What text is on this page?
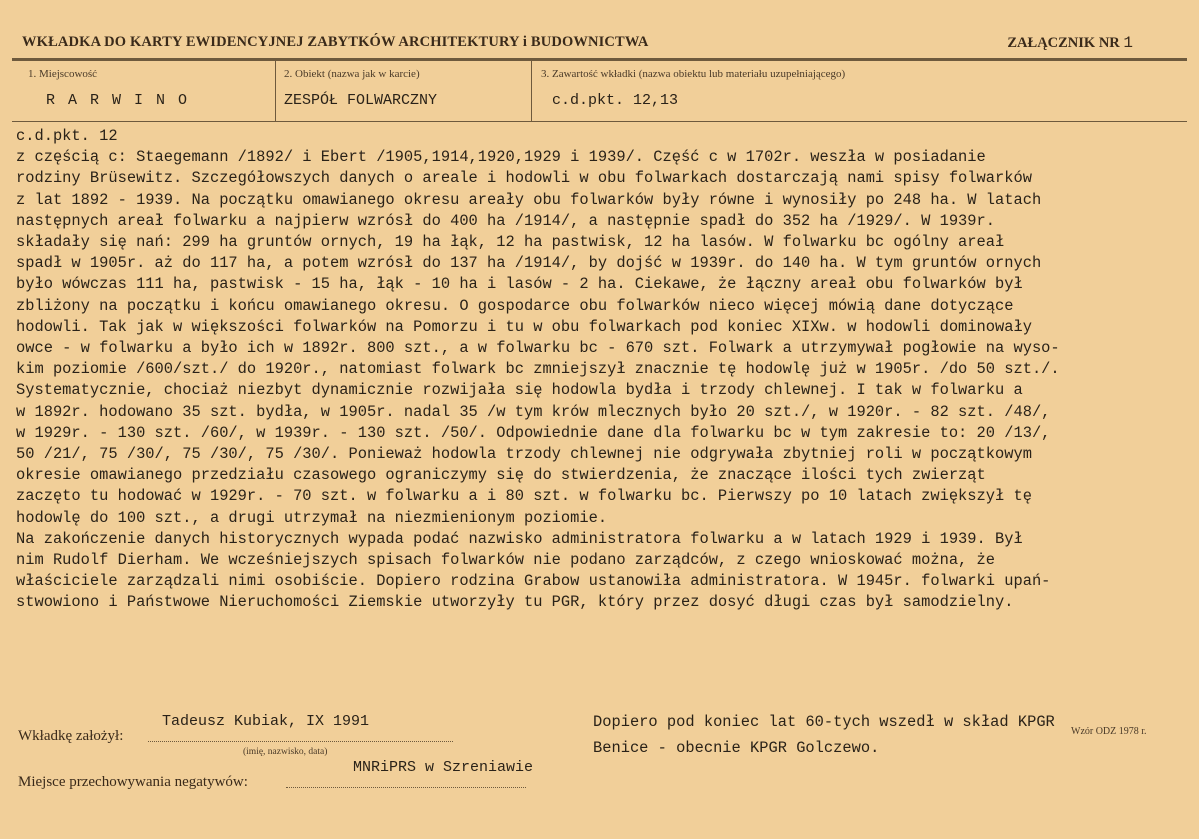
WKŁADKA DO KARTY EWIDENCYJNEJ ZABYTKÓW ARCHITEKTURY i BUDOWNICTWA	ZAŁĄCZNIK NR 1
1. Miejscowość
R A R W I N O
2. Obiekt (nazwa jak w karcie)
ZESPÓŁ FOLWARCZNY
3. Zawartość wkładki (nazwa obiektu lub materiału uzupełniającego)
c.d.pkt. 12,13
c.d.pkt. 12
z częścią c: Staegemann /1892/ i Ebert /1905,1914,1920,1929 i 1939/. Część c w 1702r. weszła w posiadanie
rodziny Brüsewitz. Szczegółowszych danych o areale i hodowli w obu folwarkach dostarczają nami spisy folwarków
z lat 1892 - 1939. Na początku omawianego okresu areały obu folwarków były równe i wynosiły po 248 ha. W latach
następnych areał folwarku a najpierw wzrósł do 400 ha /1914/, a następnie spadł do 352 ha /1929/. W 1939r.
składały się nań: 299 ha gruntów ornych, 19 ha łąk, 12 ha pastwisk, 12 ha lasów. W folwarku bc ogólny areał
spadł w 1905r. aż do 117 ha, a potem wzrósł do 137 ha /1914/, by dojść w 1939r. do 140 ha. W tym gruntów ornych
było wówczas 111 ha, pastwisk - 15 ha, łąk - 10 ha i lasów - 2 ha. Ciekawe, że łączny areał obu folwarków był
zbliżony na początku i końcu omawianego okresu. O gospodarce obu folwarków nieco więcej mówią dane dotyczące
hodowli. Tak jak w większości folwarków na Pomorzu i tu w obu folwarkach pod koniec XIXw. w hodowli dominowały
owce - w folwarku a było ich w 1892r. 800 szt., a w folwarku bc - 670 szt. Folwark a utrzymywał pogłowie na wyso-
kim poziomie /600/szt./ do 1920r., natomiast folwark bc zmniejszył znacznie tę hodowlę już w 1905r. /do 50 szt./.
Systematycznie, chociaż niezbyt dynamicznie rozwijała się hodowla bydła i trzody chlewnej. I tak w folwarku a
w 1892r. hodowano 35 szt. bydła, w 1905r. nadal 35 /w tym krów mlecznych było 20 szt./, w 1920r. - 82 szt. /48/,
w 1929r. - 130 szt. /60/, w 1939r. - 130 szt. /50/. Odpowiednie dane dla folwarku bc w tym zakresie to: 20 /13/,
50 /21/, 75 /30/, 75 /30/, 75 /30/. Ponieważ hodowla trzody chlewnej nie odgrywała zbytniej roli w początkowym
okresie omawianego przedziału czasowego ograniczymy się do stwierdzenia, że znaczące ilości tych zwierząt
zaczęto tu hodować w 1929r. - 70 szt. w folwarku a i 80 szt. w folwarku bc. Pierwszy po 10 latach zwiększył tę
hodowlę do 100 szt., a drugi utrzymał na niezmienionym poziomie.
Na zakończenie danych historycznych wypada podać nazwisko administratora folwarku a w latach 1929 i 1939. Był
nim Rudolf Dierham. We wcześniejszych spisach folwarków nie podano zarządców, z czego wnioskować można, że
właściciele zarządzali nimi osobiście. Dopiero rodzina Grabow ustanowiła administratora. W 1945r. folwarki upań-
stwowiono i Państwowe Nieruchomości Ziemskie utworzyły tu PGR, który przez dosyć długi czas był samodzielny.
Wkładkę założył:
Tadeusz Kubiak, IX 1991
(imię, nazwisko, data)
Miejsce przechowywania negatywów:
MNRiPRS w Szreniawie
Dopiero pod koniec lat 60-tych wszedł w skład KPGR
Benice - obecnie KPGR Golczewo.
Wzór ODZ 1978 r.
